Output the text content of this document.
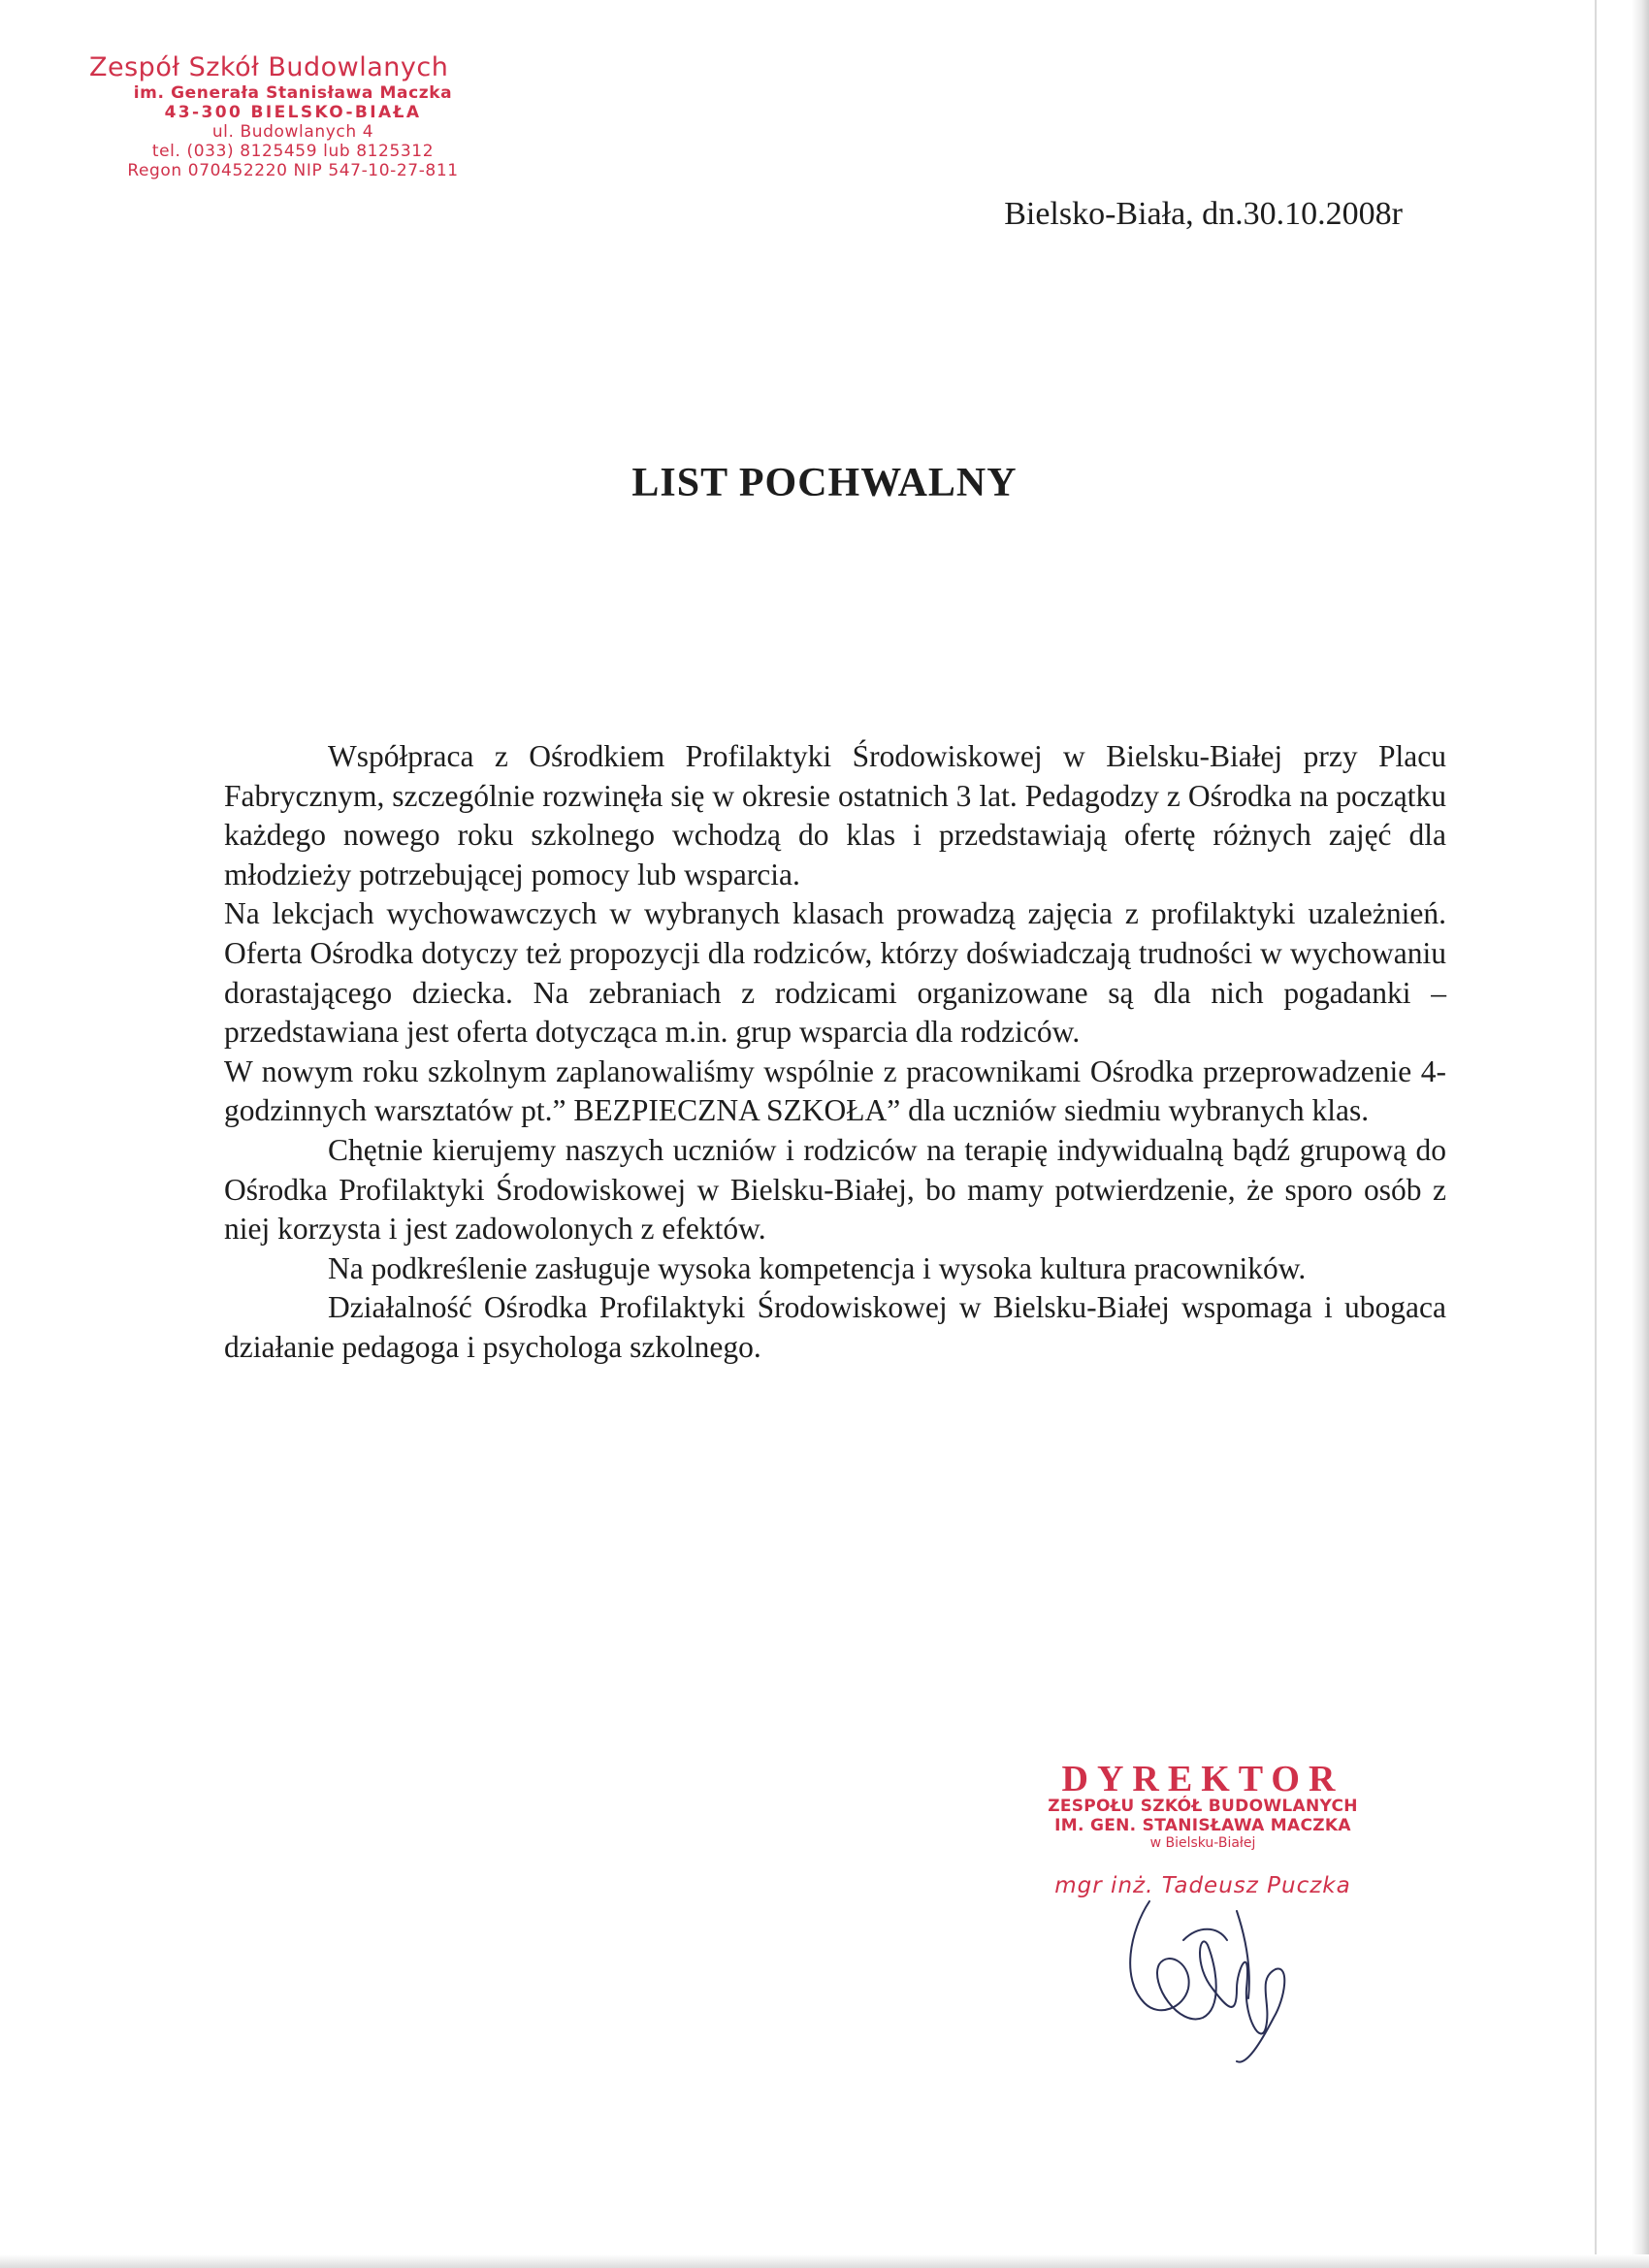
Zespół Szkół Budowlanych
im. Generała Stanisława Maczka
43-300 BIELSKO-BIAŁA
ul. Budowlanych 4
tel. (033) 8125459 lub 8125312
Regon 070452220 NIP 547-10-27-811
Bielsko-Biała, dn.30.10.2008r
LIST POCHWALNY

Współpraca z Ośrodkiem Profilaktyki Środowiskowej w Bielsku-Białej przy Placu Fabrycznym, szczególnie rozwinęła się w okresie ostatnich 3 lat. Pedagodzy z Ośrodka na początku każdego nowego roku szkolnego wchodzą do klas i przedstawiają ofertę różnych zajęć dla młodzieży potrzebującej pomocy lub wsparcia.

Na lekcjach wychowawczych w wybranych klasach prowadzą zajęcia z profilaktyki uzależnień. Oferta Ośrodka dotyczy też propozycji dla rodziców, którzy doświadczają trudności w wychowaniu dorastającego dziecka. Na zebraniach z rodzicami organizowane są dla nich pogadanki – przedstawiana jest oferta dotycząca m.in. grup wsparcia dla rodziców.

W nowym roku szkolnym zaplanowaliśmy wspólnie z pracownikami Ośrodka przeprowadzenie 4-godzinnych warsztatów pt.” BEZPIECZNA SZKOŁA” dla uczniów siedmiu wybranych klas.

Chętnie kierujemy naszych uczniów i rodziców na terapię indywidualną bądź grupową do Ośrodka Profilaktyki Środowiskowej w Bielsku-Białej, bo mamy potwierdzenie, że sporo osób z niej korzysta i jest zadowolonych z efektów.

Na podkreślenie zasługuje wysoka kompetencja i wysoka kultura pracowników.

Działalność Ośrodka Profilaktyki Środowiskowej w Bielsku-Białej wspomaga i ubogaca działanie pedagoga i psychologa szkolnego.

DYREKTOR
ZESPOŁU SZKÓŁ BUDOWLANYCH
IM. GEN. STANISŁAWA MACZKA
w Bielsku-Białej
mgr inż. Tadeusz Puczka
